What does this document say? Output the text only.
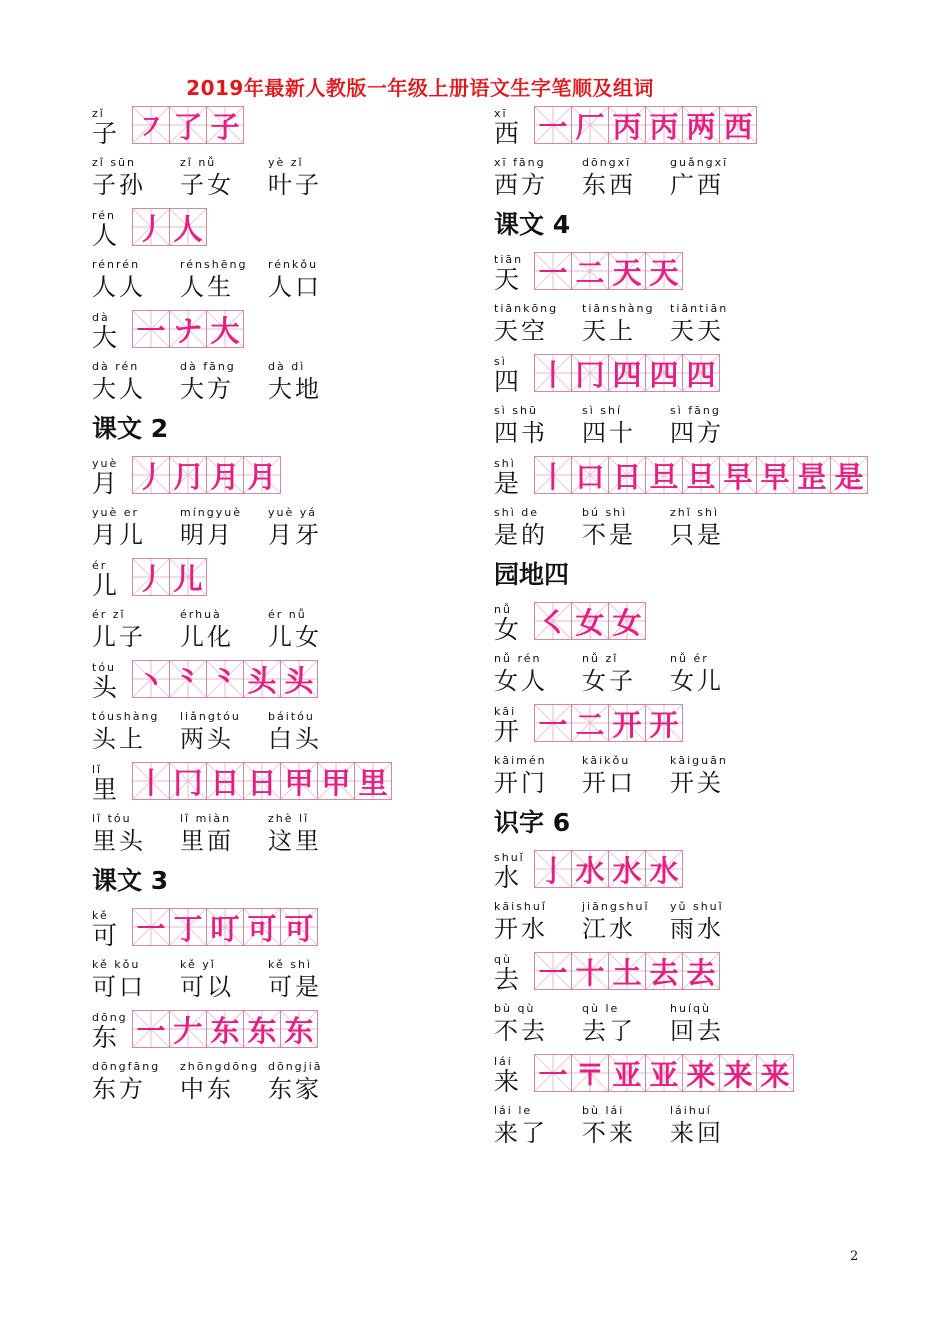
2019年最新人教版一年级上册语文生字笔顺及组词
zǐ
子 ㇇ 了 子
zǐ sūn
子孙
zǐ nǚ
子女
yè zǐ
叶子
rén
人 丿 人
rénrén
人人
rénshēng
人生
rénkǒu
人口
dà
大 一 ナ 大
dà rén
大人
dà fāng
大方
dà dì
大地
课文 2
yuè
月 丿 ⺆ 月 月
yuè er
月儿
míngyuè
明月
yuè yá
月牙
ér
儿 丿 儿
ér zǐ
儿子
érhuà
儿化
ér nǚ
儿女
tóu
头 丶 ⺀ ⺀ 头 头
tóushàng
头上
liǎngtóu
两头
báitóu
白头
lǐ
里 丨 冂 日 日 甲 甲 里
lǐ tóu
里头
lǐ miàn
里面
zhè lǐ
这里
课文 3
kě
可 一 丁 叮 可 可
kě kǒu
可口
kě yǐ
可以
kě shì
可是
dōng
东 一 𠂇 东 东 东
dōngfāng
东方
zhōngdōng
中东
dōngjiā
东家
xī
西 一 厂 丙 丙 两 西
xī fāng
西方
dōngxī
东西
guǎngxī
广西
课文 4
tiān
天 一 二 天 天
tiānkōng
天空
tiānshàng
天上
tiāntiān
天天
sì
四 丨 冂 四 四 四
sì shū
四书
sì shí
四十
sì fāng
四方
shì
是 丨 口 日 旦 旦 早 早 昰 是
shì de
是的
bú shì
不是
zhǐ shì
只是
园地四
nǚ
女 ㇛ 女 女
nǚ rén
女人
nǚ zǐ
女子
nǚ ér
女儿
kāi
开 一 二 开 开
kāimén
开门
kāikǒu
开口
kāiguān
开关
识字 6
shuǐ
水 亅 水 水 水
kāishuǐ
开水
jiāngshuǐ
江水
yǔ shuǐ
雨水
qù
去 一 十 土 去 去
bù qù
不去
qù le
去了
huíqù
回去
lái
来 一 〒 亚 亚 来 来 来
lái le
来了
bù lái
不来
láihuí
来回
2
